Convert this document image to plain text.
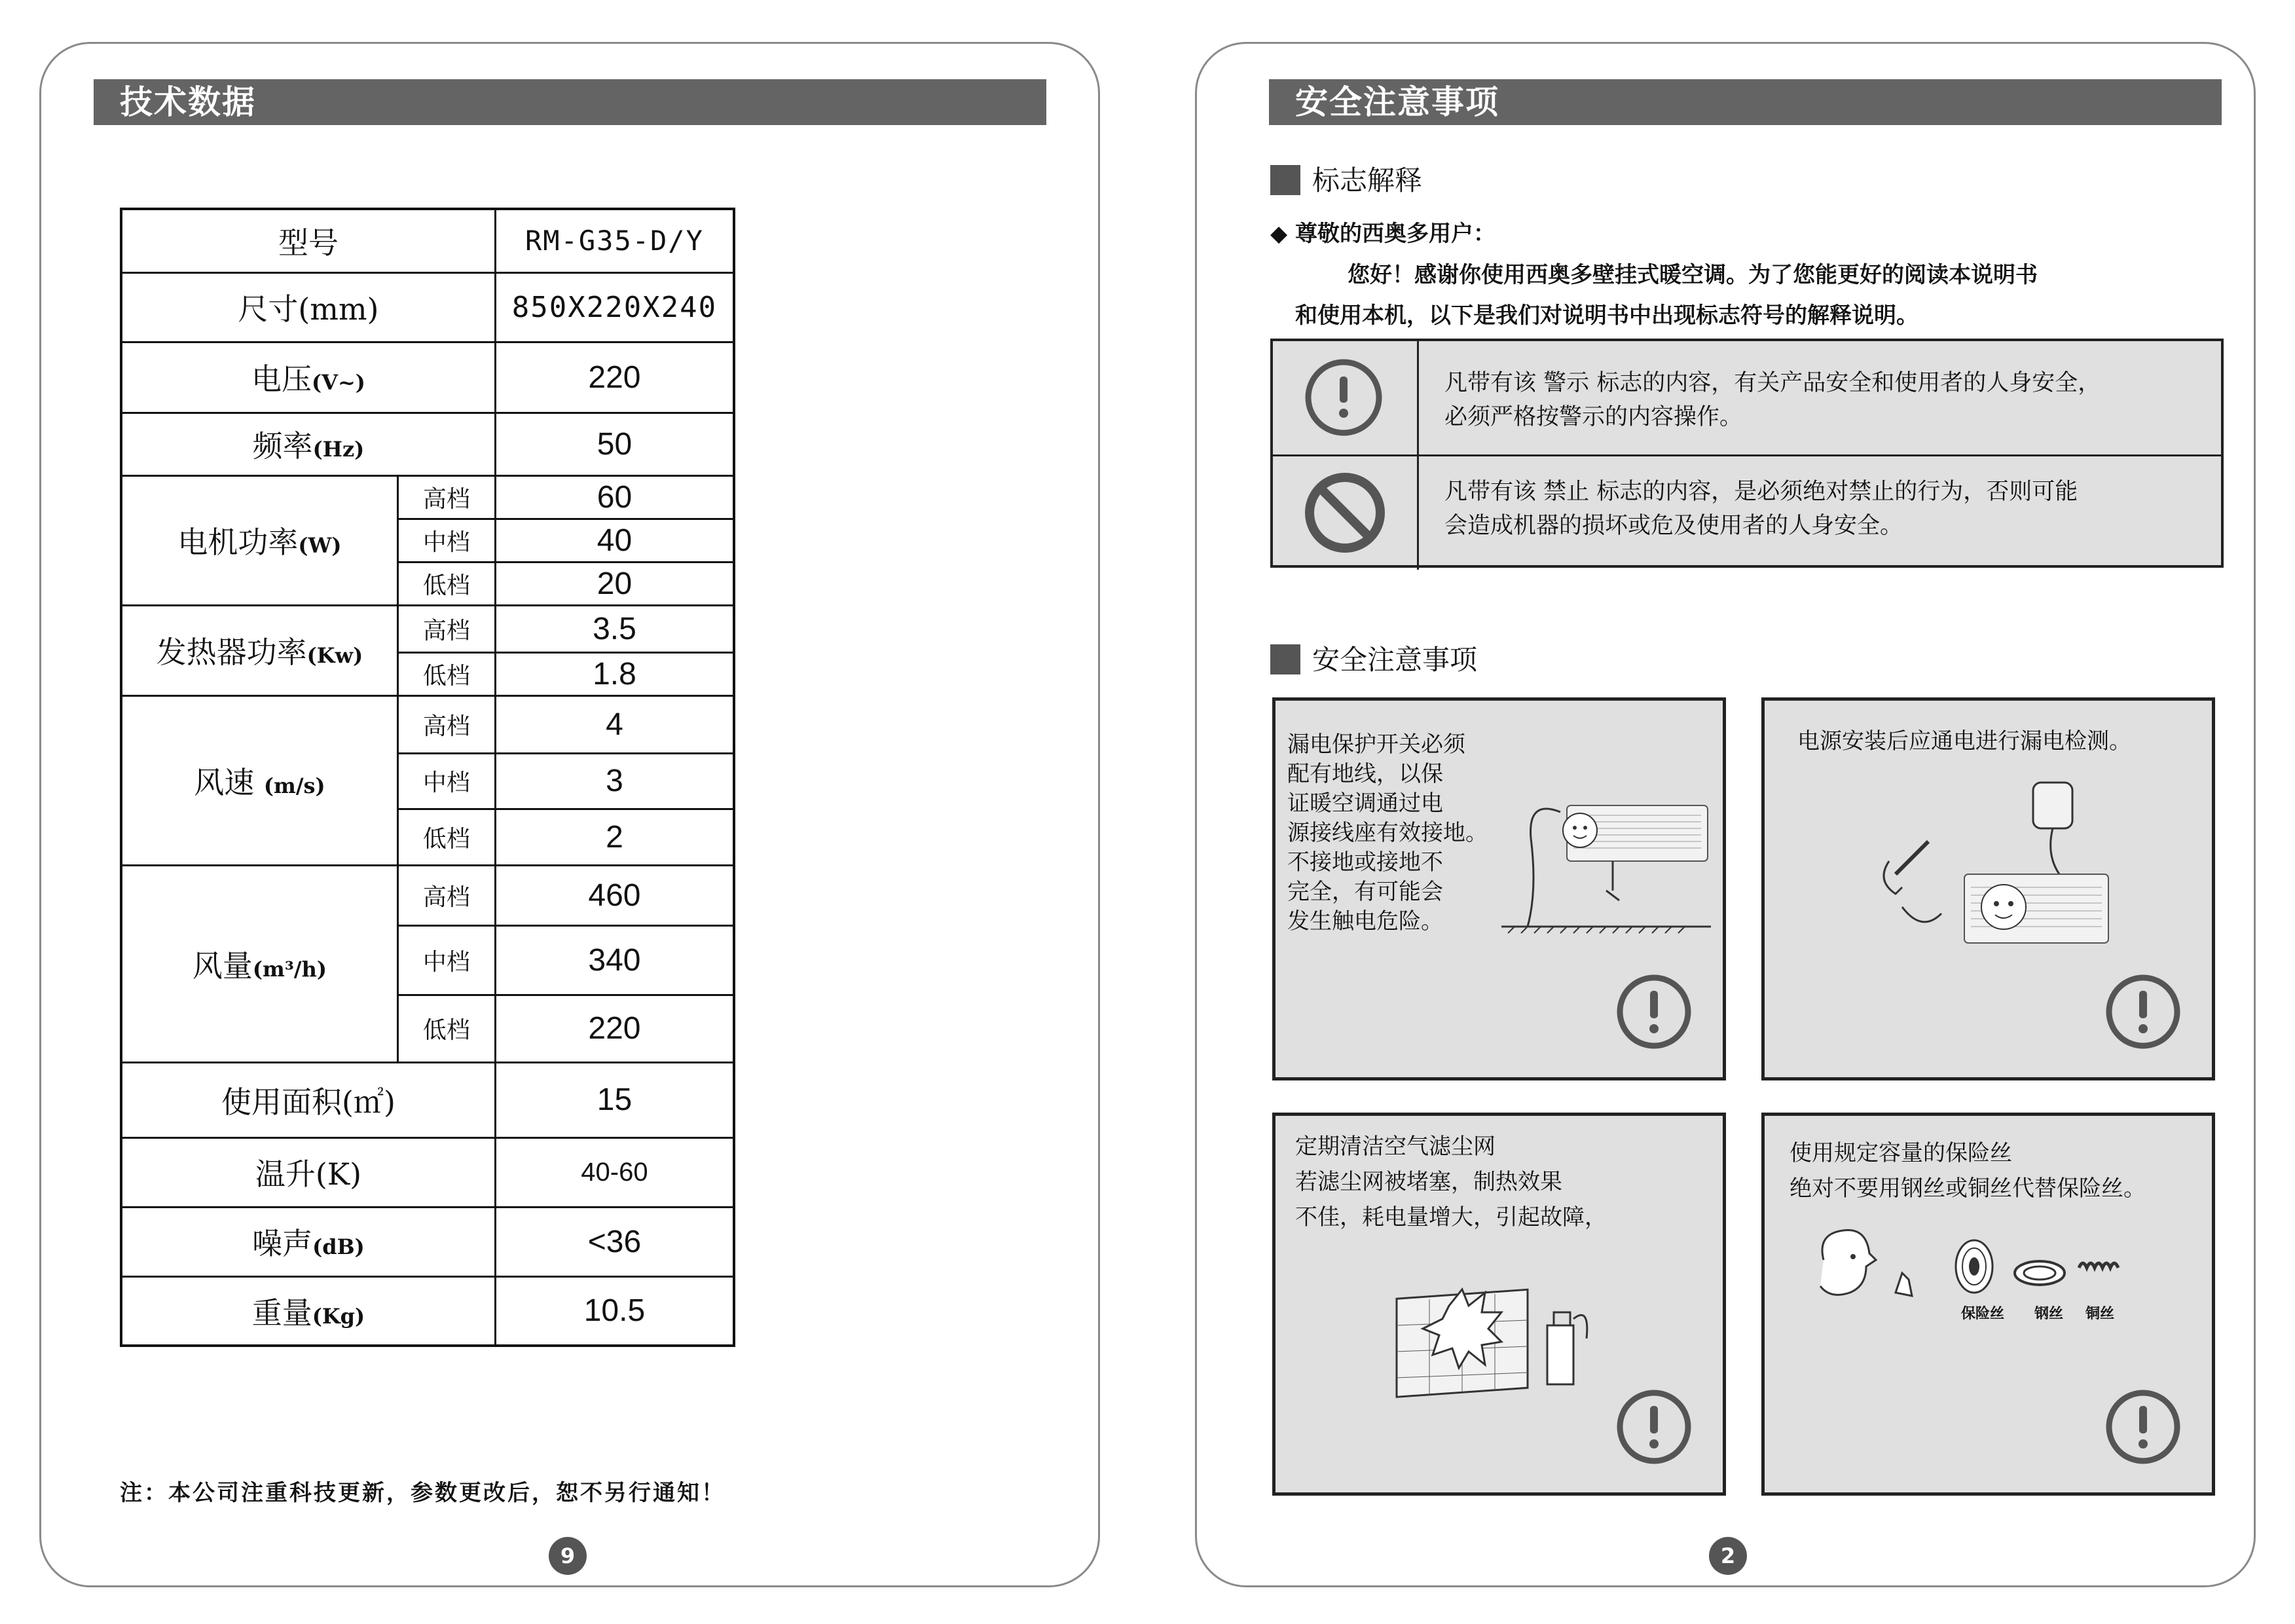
技术数据
型号		RM-G35-D/Y
尺寸(mm)		850X220X240
电压(V~)		220
频率(Hz)		50
电机功率(W)	高档	60
	中档	40
	低档	20
发热器功率(Kw)	高档	3.5
	低档	1.8
风速 (m/s)	高档	4
	中档	3
	低档	2
风量(m³/h)	高档	460
	中档	340
	低档	220
使用面积(㎡)		15
温升(K)		40-60
噪声(dB)		<36
重量(Kg)		10.5
注：本公司注重科技更新，参数更改后，恕不另行通知！
9
安全注意事项
标志解释
◆ 尊敬的西奥多用户：
您好！感谢你使用西奥多壁挂式暖空调。为了您能更好的阅读本说明书
和使用本机，以下是我们对说明书中出现标志符号的解释说明。
凡带有该 警示 标志的内容，有关产品安全和使用者的人身安全，
必须严格按警示的内容操作。
凡带有该 禁止 标志的内容，是必须绝对禁止的行为，否则可能
会造成机器的损坏或危及使用者的人身安全。
安全注意事项
漏电保护开关必须
配有地线，以保
证暖空调通过电
源接线座有效接地。
不接地或接地不
完全，有可能会
发生触电危险。
电源安装后应通电进行漏电检测。
定期清洁空气滤尘网
若滤尘网被堵塞，制热效果
不佳，耗电量增大，引起故障，
使用规定容量的保险丝
绝对不要用钢丝或铜丝代替保险丝。
保险丝 钢丝 铜丝
2
